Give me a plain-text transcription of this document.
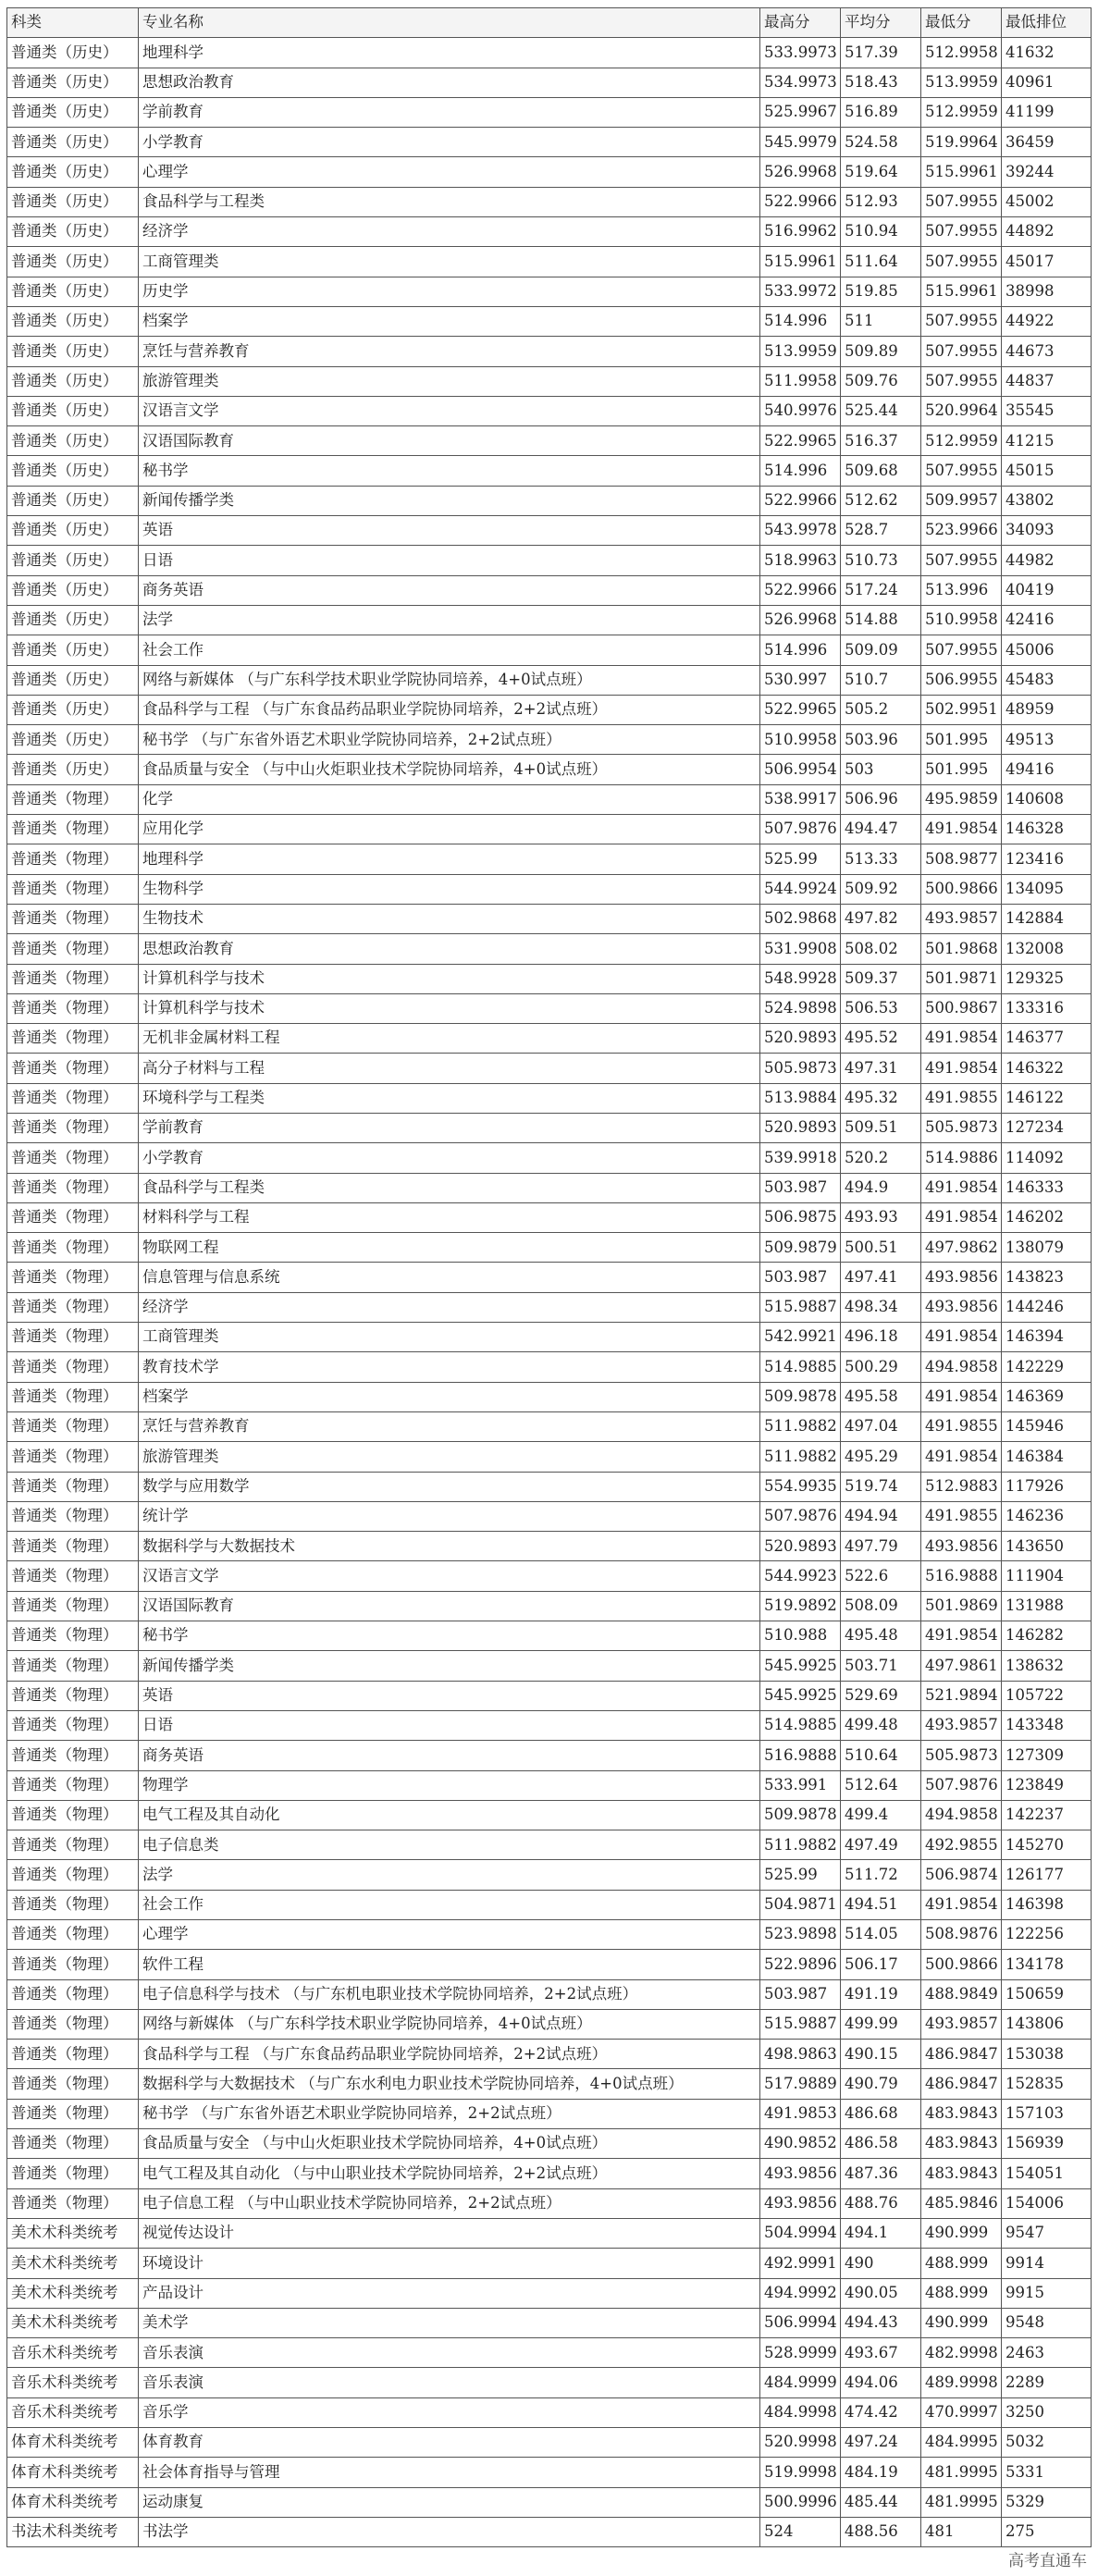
科类	专业名称	最高分	平均分	最低分	最低排位
普通类（历史）	地理科学	533.9973	517.39	512.9958	41632
普通类（历史）	思想政治教育	534.9973	518.43	513.9959	40961
普通类（历史）	学前教育	525.9967	516.89	512.9959	41199
普通类（历史）	小学教育	545.9979	524.58	519.9964	36459
普通类（历史）	心理学	526.9968	519.64	515.9961	39244
普通类（历史）	食品科学与工程类	522.9966	512.93	507.9955	45002
普通类（历史）	经济学	516.9962	510.94	507.9955	44892
普通类（历史）	工商管理类	515.9961	511.64	507.9955	45017
普通类（历史）	历史学	533.9972	519.85	515.9961	38998
普通类（历史）	档案学	514.996	511	507.9955	44922
普通类（历史）	烹饪与营养教育	513.9959	509.89	507.9955	44673
普通类（历史）	旅游管理类	511.9958	509.76	507.9955	44837
普通类（历史）	汉语言文学	540.9976	525.44	520.9964	35545
普通类（历史）	汉语国际教育	522.9965	516.37	512.9959	41215
普通类（历史）	秘书学	514.996	509.68	507.9955	45015
普通类（历史）	新闻传播学类	522.9966	512.62	509.9957	43802
普通类（历史）	英语	543.9978	528.7	523.9966	34093
普通类（历史）	日语	518.9963	510.73	507.9955	44982
普通类（历史）	商务英语	522.9966	517.24	513.996	40419
普通类（历史）	法学	526.9968	514.88	510.9958	42416
普通类（历史）	社会工作	514.996	509.09	507.9955	45006
普通类（历史）	网络与新媒体 （与广东科学技术职业学院协同培养，4+0试点班）	530.997	510.7	506.9955	45483
普通类（历史）	食品科学与工程 （与广东食品药品职业学院协同培养，2+2试点班）	522.9965	505.2	502.9951	48959
普通类（历史）	秘书学 （与广东省外语艺术职业学院协同培养，2+2试点班）	510.9958	503.96	501.995	49513
普通类（历史）	食品质量与安全 （与中山火炬职业技术学院协同培养，4+0试点班）	506.9954	503	501.995	49416
普通类（物理）	化学	538.9917	506.96	495.9859	140608
普通类（物理）	应用化学	507.9876	494.47	491.9854	146328
普通类（物理）	地理科学	525.99	513.33	508.9877	123416
普通类（物理）	生物科学	544.9924	509.92	500.9866	134095
普通类（物理）	生物技术	502.9868	497.82	493.9857	142884
普通类（物理）	思想政治教育	531.9908	508.02	501.9868	132008
普通类（物理）	计算机科学与技术	548.9928	509.37	501.9871	129325
普通类（物理）	计算机科学与技术	524.9898	506.53	500.9867	133316
普通类（物理）	无机非金属材料工程	520.9893	495.52	491.9854	146377
普通类（物理）	高分子材料与工程	505.9873	497.31	491.9854	146322
普通类（物理）	环境科学与工程类	513.9884	495.32	491.9855	146122
普通类（物理）	学前教育	520.9893	509.51	505.9873	127234
普通类（物理）	小学教育	539.9918	520.2	514.9886	114092
普通类（物理）	食品科学与工程类	503.987	494.9	491.9854	146333
普通类（物理）	材料科学与工程	506.9875	493.93	491.9854	146202
普通类（物理）	物联网工程	509.9879	500.51	497.9862	138079
普通类（物理）	信息管理与信息系统	503.987	497.41	493.9856	143823
普通类（物理）	经济学	515.9887	498.34	493.9856	144246
普通类（物理）	工商管理类	542.9921	496.18	491.9854	146394
普通类（物理）	教育技术学	514.9885	500.29	494.9858	142229
普通类（物理）	档案学	509.9878	495.58	491.9854	146369
普通类（物理）	烹饪与营养教育	511.9882	497.04	491.9855	145946
普通类（物理）	旅游管理类	511.9882	495.29	491.9854	146384
普通类（物理）	数学与应用数学	554.9935	519.74	512.9883	117926
普通类（物理）	统计学	507.9876	494.94	491.9855	146236
普通类（物理）	数据科学与大数据技术	520.9893	497.79	493.9856	143650
普通类（物理）	汉语言文学	544.9923	522.6	516.9888	111904
普通类（物理）	汉语国际教育	519.9892	508.09	501.9869	131988
普通类（物理）	秘书学	510.988	495.48	491.9854	146282
普通类（物理）	新闻传播学类	545.9925	503.71	497.9861	138632
普通类（物理）	英语	545.9925	529.69	521.9894	105722
普通类（物理）	日语	514.9885	499.48	493.9857	143348
普通类（物理）	商务英语	516.9888	510.64	505.9873	127309
普通类（物理）	物理学	533.991	512.64	507.9876	123849
普通类（物理）	电气工程及其自动化	509.9878	499.4	494.9858	142237
普通类（物理）	电子信息类	511.9882	497.49	492.9855	145270
普通类（物理）	法学	525.99	511.72	506.9874	126177
普通类（物理）	社会工作	504.9871	494.51	491.9854	146398
普通类（物理）	心理学	523.9898	514.05	508.9876	122256
普通类（物理）	软件工程	522.9896	506.17	500.9866	134178
普通类（物理）	电子信息科学与技术 （与广东机电职业技术学院协同培养，2+2试点班）	503.987	491.19	488.9849	150659
普通类（物理）	网络与新媒体 （与广东科学技术职业学院协同培养，4+0试点班）	515.9887	499.99	493.9857	143806
普通类（物理）	食品科学与工程 （与广东食品药品职业学院协同培养，2+2试点班）	498.9863	490.15	486.9847	153038
普通类（物理）	数据科学与大数据技术 （与广东水利电力职业技术学院协同培养，4+0试点班）	517.9889	490.79	486.9847	152835
普通类（物理）	秘书学 （与广东省外语艺术职业学院协同培养，2+2试点班）	491.9853	486.68	483.9843	157103
普通类（物理）	食品质量与安全 （与中山火炬职业技术学院协同培养，4+0试点班）	490.9852	486.58	483.9843	156939
普通类（物理）	电气工程及其自动化 （与中山职业技术学院协同培养，2+2试点班）	493.9856	487.36	483.9843	154051
普通类（物理）	电子信息工程 （与中山职业技术学院协同培养，2+2试点班）	493.9856	488.76	485.9846	154006
美术术科类统考	视觉传达设计	504.9994	494.1	490.999	9547
美术术科类统考	环境设计	492.9991	490	488.999	9914
美术术科类统考	产品设计	494.9992	490.05	488.999	9915
美术术科类统考	美术学	506.9994	494.43	490.999	9548
音乐术科类统考	音乐表演	528.9999	493.67	482.9998	2463
音乐术科类统考	音乐表演	484.9999	494.06	489.9998	2289
音乐术科类统考	音乐学	484.9998	474.42	470.9997	3250
体育术科类统考	体育教育	520.9998	497.24	484.9995	5032
体育术科类统考	社会体育指导与管理	519.9998	484.19	481.9995	5331
体育术科类统考	运动康复	500.9996	485.44	481.9995	5329
书法术科类统考	书法学	524	488.56	481	275
高考直通车
